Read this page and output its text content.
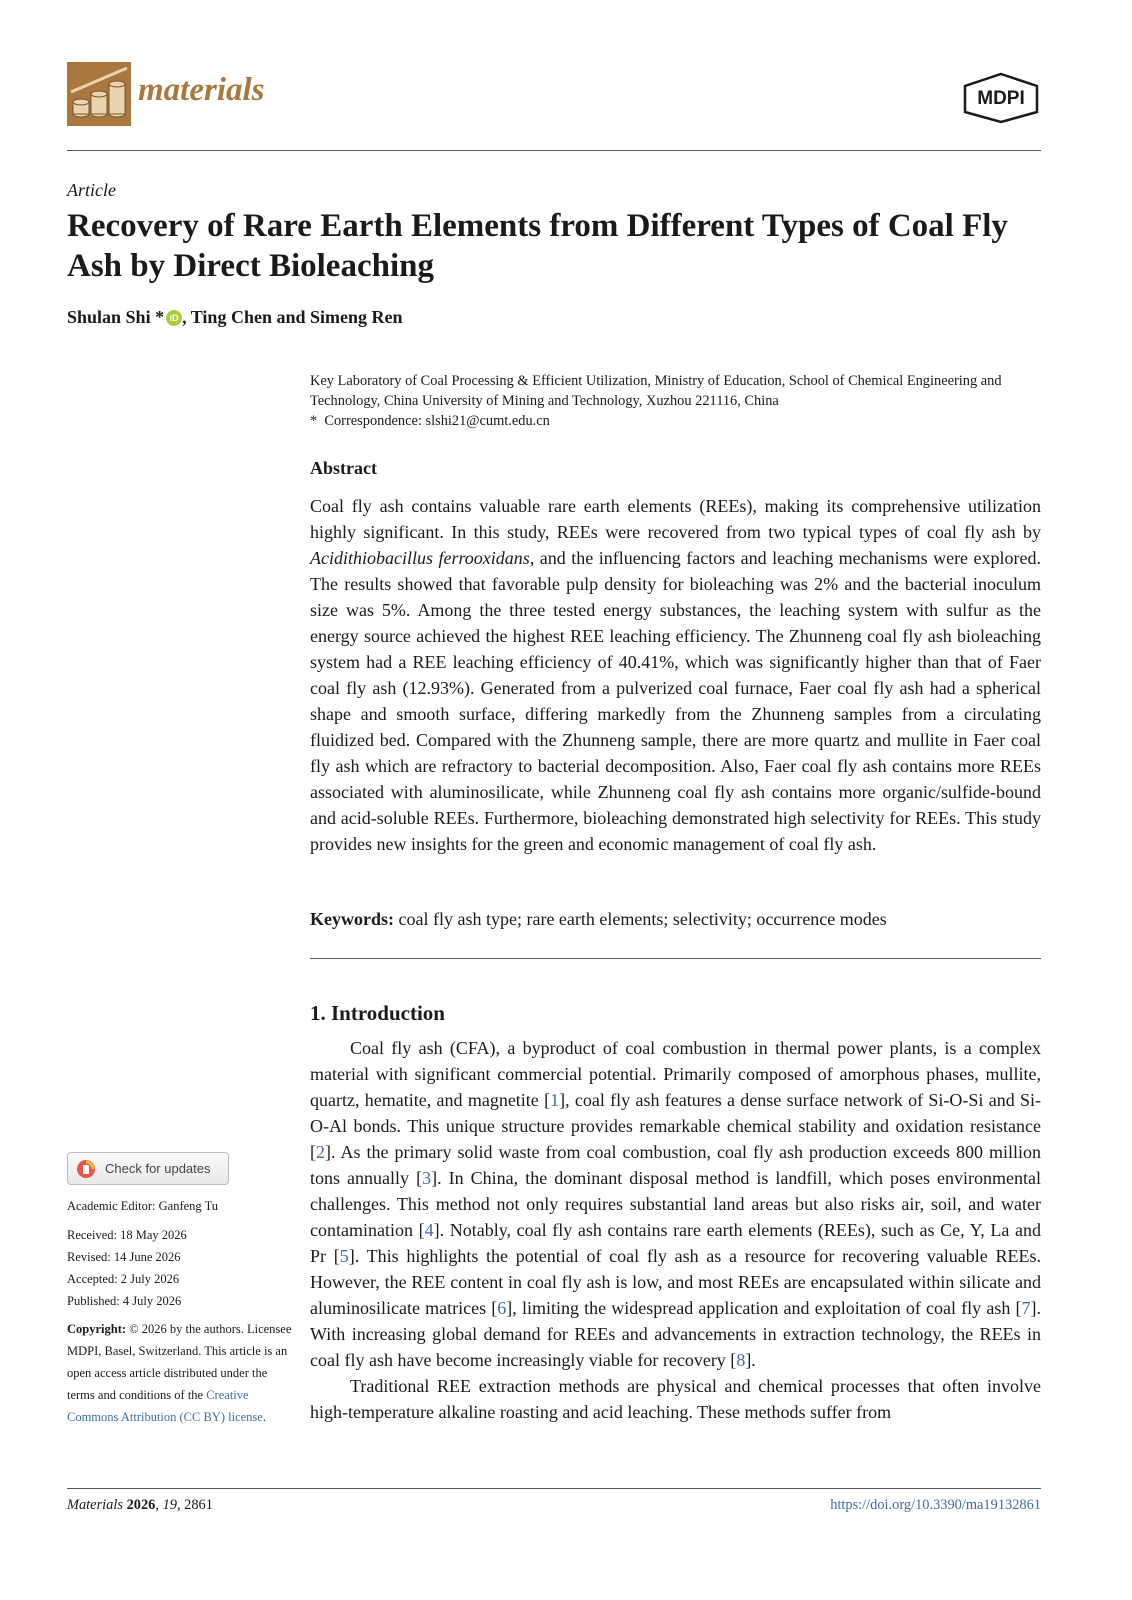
materials	MDPI
Article
Recovery of Rare Earth Elements from Different Types of Coal Fly Ash by Direct Bioleaching
Shulan Shi * iD , Ting Chen and Simeng Ren
Key Laboratory of Coal Processing & Efficient Utilization, Ministry of Education, School of Chemical Engineering and Technology, China University of Mining and Technology, Xuzhou 221116, China
*  Correspondence: slshi21@cumt.edu.cn
Abstract
Coal fly ash contains valuable rare earth elements (REEs), making its comprehensive utilization highly significant. In this study, REEs were recovered from two typical types of coal fly ash by Acidithiobacillus ferrooxidans, and the influencing factors and leaching mechanisms were explored. The results showed that favorable pulp density for bioleaching was 2% and the bacterial inoculum size was 5%. Among the three tested energy substances, the leaching system with sulfur as the energy source achieved the highest REE leaching efficiency. The Zhunneng coal fly ash bioleaching system had a REE leaching efficiency of 40.41%, which was significantly higher than that of Faer coal fly ash (12.93%). Generated from a pulverized coal furnace, Faer coal fly ash had a spherical shape and smooth surface, differing markedly from the Zhunneng samples from a circulating fluidized bed. Compared with the Zhunneng sample, there are more quartz and mullite in Faer coal fly ash which are refractory to bacterial decomposition. Also, Faer coal fly ash contains more REEs associated with aluminosilicate, while Zhunneng coal fly ash contains more organic/sulfide-bound and acid-soluble REEs. Furthermore, bioleaching demonstrated high selectivity for REEs. This study provides new insights for the green and economic management of coal fly ash.
Keywords: coal fly ash type; rare earth elements; selectivity; occurrence modes
1. Introduction

Coal fly ash (CFA), a byproduct of coal combustion in thermal power plants, is a complex material with significant commercial potential. Primarily composed of amorphous phases, mullite, quartz, hematite, and magnetite [1], coal fly ash features a dense surface network of Si-O-Si and Si-O-Al bonds. This unique structure provides remarkable chemical stability and oxidation resistance [2]. As the primary solid waste from coal combustion, coal fly ash production exceeds 800 million tons annually [3]. In China, the dominant disposal method is landfill, which poses environmental challenges. This method not only requires substantial land areas but also risks air, soil, and water contamination [4]. Notably, coal fly ash contains rare earth elements (REEs), such as Ce, Y, La and Pr [5]. This highlights the potential of coal fly ash as a resource for recovering valuable REEs. However, the REE content in coal fly ash is low, and most REEs are encapsulated within silicate and aluminosilicate matrices [6], limiting the widespread application and exploitation of coal fly ash [7]. With increasing global demand for REEs and advancements in extraction technology, the REEs in coal fly ash have become increasingly viable for recovery [8].

Traditional REE extraction methods are physical and chemical processes that often involve high-temperature alkaline roasting and acid leaching. These methods suffer from

Check for updates
Academic Editor: Ganfeng Tu
Received: 18 May 2026
Revised: 14 June 2026
Accepted: 2 July 2026
Published: 4 July 2026
Copyright: © 2026 by the authors. Licensee MDPI, Basel, Switzerland. This article is an open access article distributed under the terms and conditions of the Creative Commons Attribution (CC BY) license.
Materials 2026, 19, 2861	https://doi.org/10.3390/ma19132861
